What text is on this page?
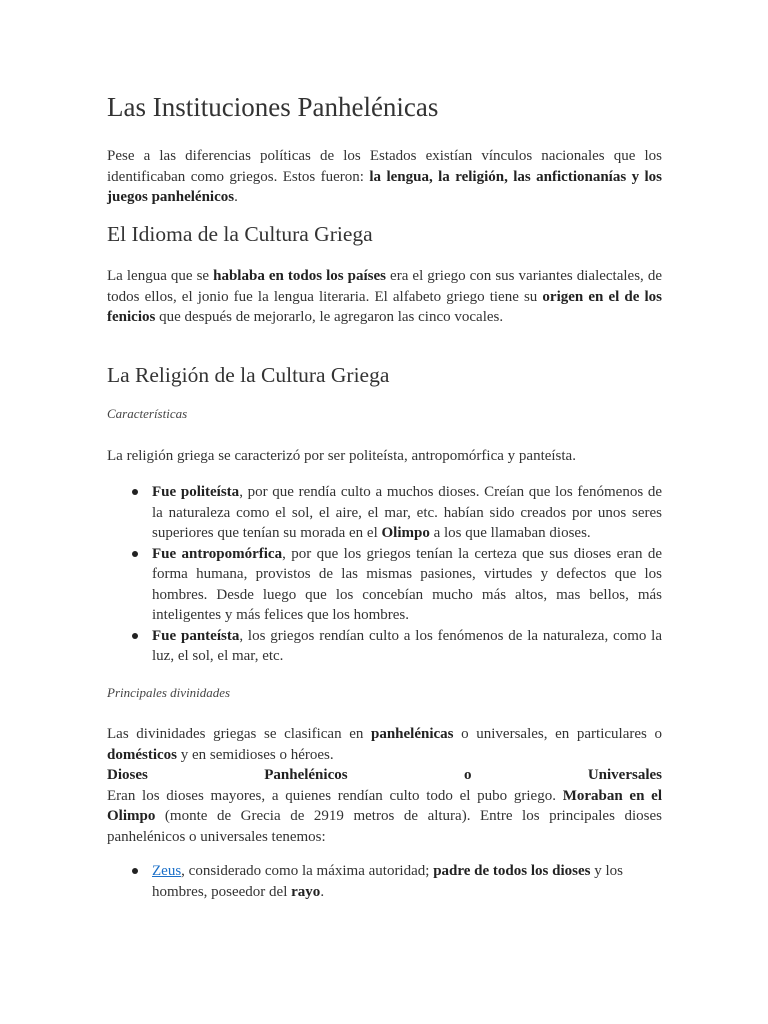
Las Instituciones Panhelénicas

Pese a las diferencias políticas de los Estados existían vínculos nacionales que los identificaban como griegos. Estos fueron: la lengua, la religión, las anfictionanías y los juegos panhelénicos.

El Idioma de la Cultura Griega

La lengua que se hablaba en todos los países era el griego con sus variantes dialectales, de todos ellos, el jonio fue la lengua literaria. El alfabeto griego tiene su origen en el de los fenicios que después de mejorarlo, le agregaron las cinco vocales.

La Religión de la Cultura Griega
Características

La religión griega se caracterizó por ser politeísta, antropomórfica y panteísta.

Fue politeísta, por que rendía culto a muchos dioses. Creían que los fenómenos de la naturaleza como el sol, el aire, el mar, etc. habían sido creados por unos seres superiores que tenían su morada en el Olimpo a los que llamaban dioses.
Fue antropomórfica, por que los griegos tenían la certeza que sus dioses eran de forma humana, provistos de las mismas pasiones, virtudes y defectos que los hombres. Desde luego que los concebían mucho más altos, mas bellos, más inteligentes y más felices que los hombres.
Fue panteísta, los griegos rendían culto a los fenómenos de la naturaleza, como la luz, el sol, el mar, etc.
Principales divinidades

Las divinidades griegas se clasifican en panhelénicas o universales, en particulares o domésticos y en semidioses o héroes.
Dioses Panhelénicos o Universales
Eran los dioses mayores, a quienes rendían culto todo el pubo griego. Moraban en el Olimpo (monte de Grecia de 2919 metros de altura). Entre los principales dioses panhelénicos o universales tenemos:

Zeus, considerado como la máxima autoridad; padre de todos los dioses y los hombres, poseedor del rayo.
